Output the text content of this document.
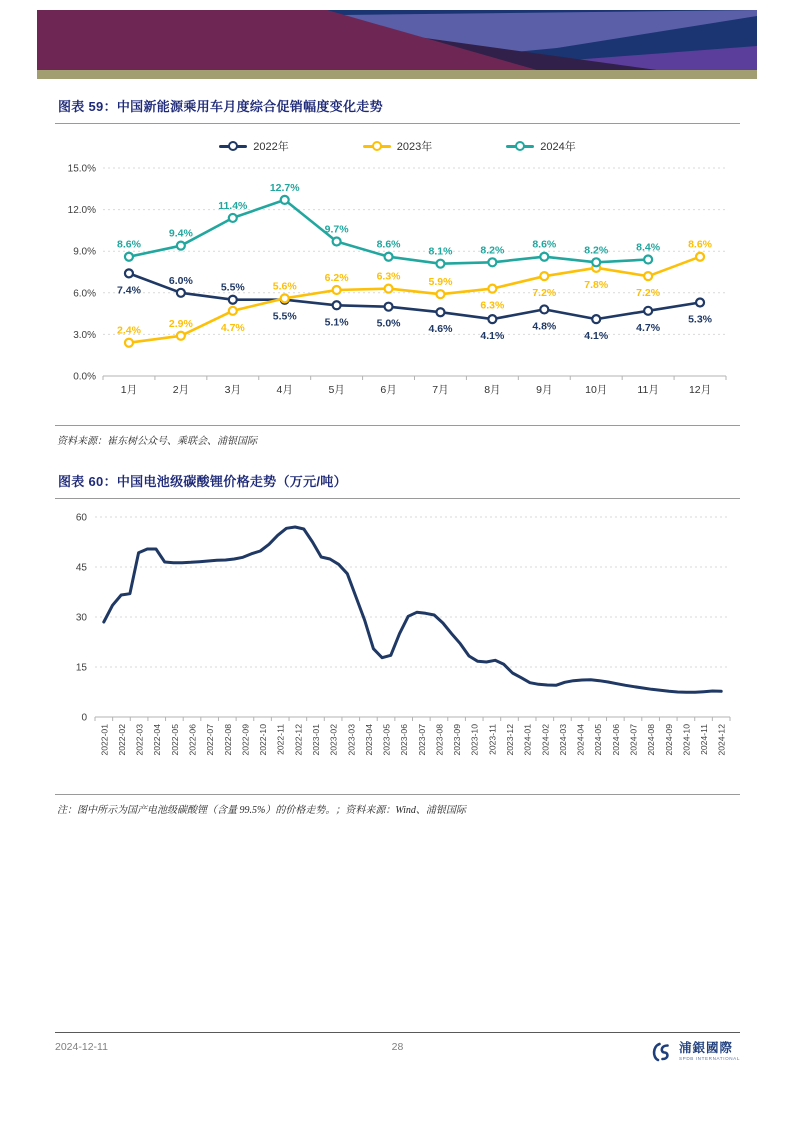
图表 59：中国新能源乘用车月度综合促销幅度变化走势
2022年	2023年	2024年
0.0%
3.0%
6.0%
9.0%
12.0%
15.0%
1月	2月	3月	4月	5月	6月	7月	8月	9月	10月	11月	12月
7.4%
6.0%
5.5%
5.5%	5.1%	5.0%	4.6%
4.1%
4.8%
4.1%
4.7%
5.3%
2.4%
2.9%	4.7%
5.6%
6.2%	6.3%	5.9%
6.3%
7.2%
7.8%
7.2%
8.6%
8.6%
9.4%
11.4%
12.7%
9.7%
8.6%
8.1%	8.2%	8.6%	8.2%	8.4%
资料来源：崔东树公众号、乘联会、浦银国际
图表 60：中国电池级碳酸锂价格走势（万元/吨）
0
15
30
45
60
2022-01 2022-02 2022-03 2022-04 2022-05 2022-06 2022-07 2022-08 2022-09 2022-10 2022-11 2022-12 2023-01 2023-02 2023-03 2023-04 2023-05 2023-06 2023-07 2023-08 2023-09 2023-10 2023-11 2023-12 2024-01 2024-02 2024-03 2024-04 2024-05 2024-06 2024-07 2024-08 2024-09 2024-10 2024-11 2024-12
注：图中所示为国产电池级碳酸锂（含量 99.5%）的价格走势。；资料来源：Wind、浦银国际
2024-12-11	28	浦銀國際
SPDB INTERNATIONAL
